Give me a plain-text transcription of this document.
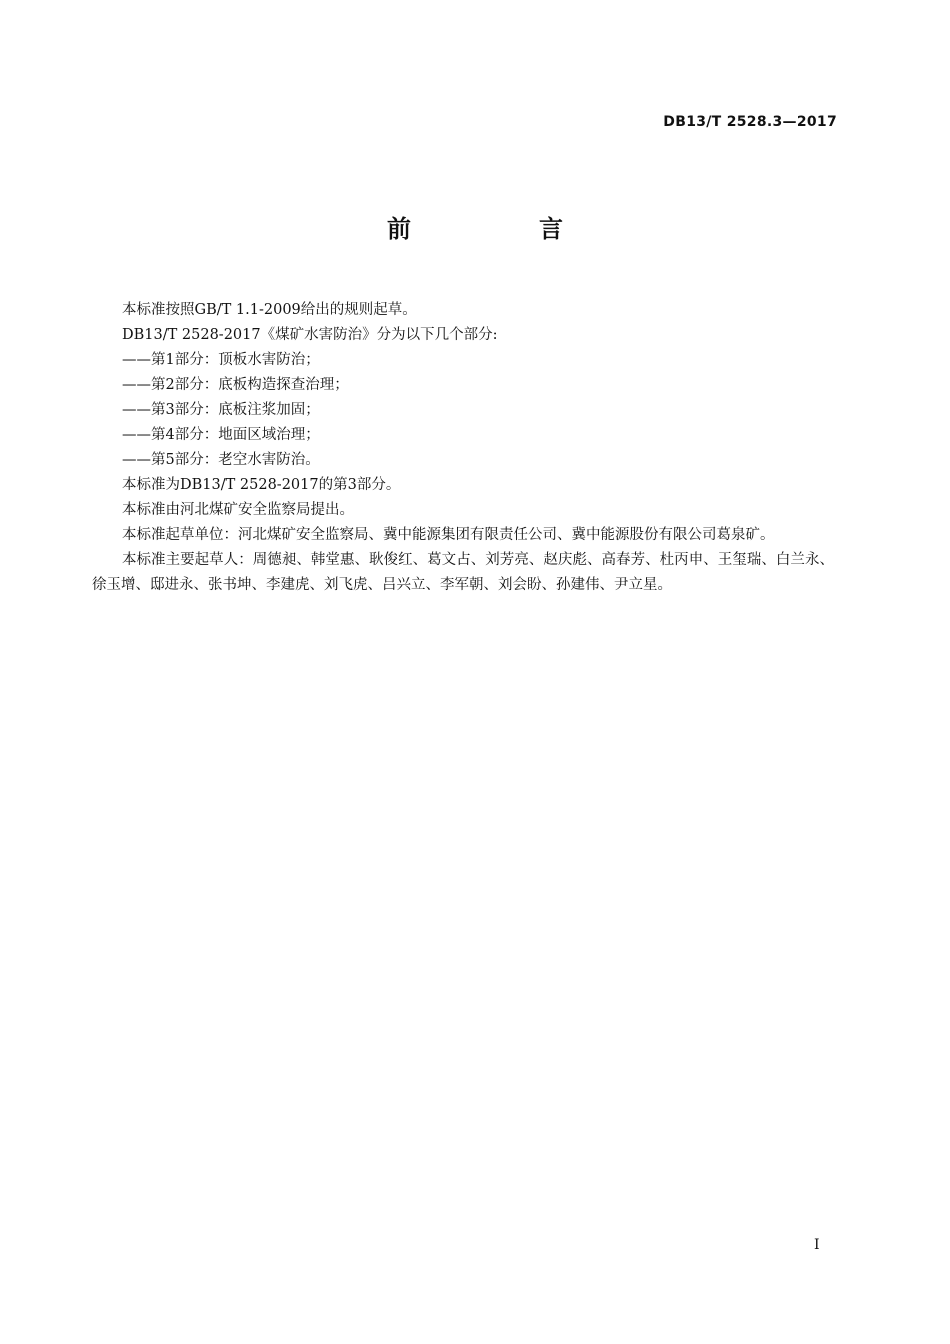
DB13/T 2528.3—2017
前　言

本标准按照GB/T 1.1-2009给出的规则起草。

DB13/T 2528-2017《煤矿水害防治》分为以下几个部分:

——第1部分：顶板水害防治；

——第2部分：底板构造探查治理；

——第3部分：底板注浆加固；

——第4部分：地面区域治理；

——第5部分：老空水害防治。

本标准为DB13/T 2528-2017的第3部分。

本标准由河北煤矿安全监察局提出。

本标准起草单位：河北煤矿安全监察局、冀中能源集团有限责任公司、冀中能源股份有限公司葛泉矿。

本标准主要起草人：周德昶、韩堂惠、耿俊红、葛文占、刘芳亮、赵庆彪、高春芳、杜丙申、王玺瑞、白兰永、徐玉增、邸进永、张书坤、李建虎、刘飞虎、吕兴立、李军朝、刘会盼、孙建伟、尹立星。

I
